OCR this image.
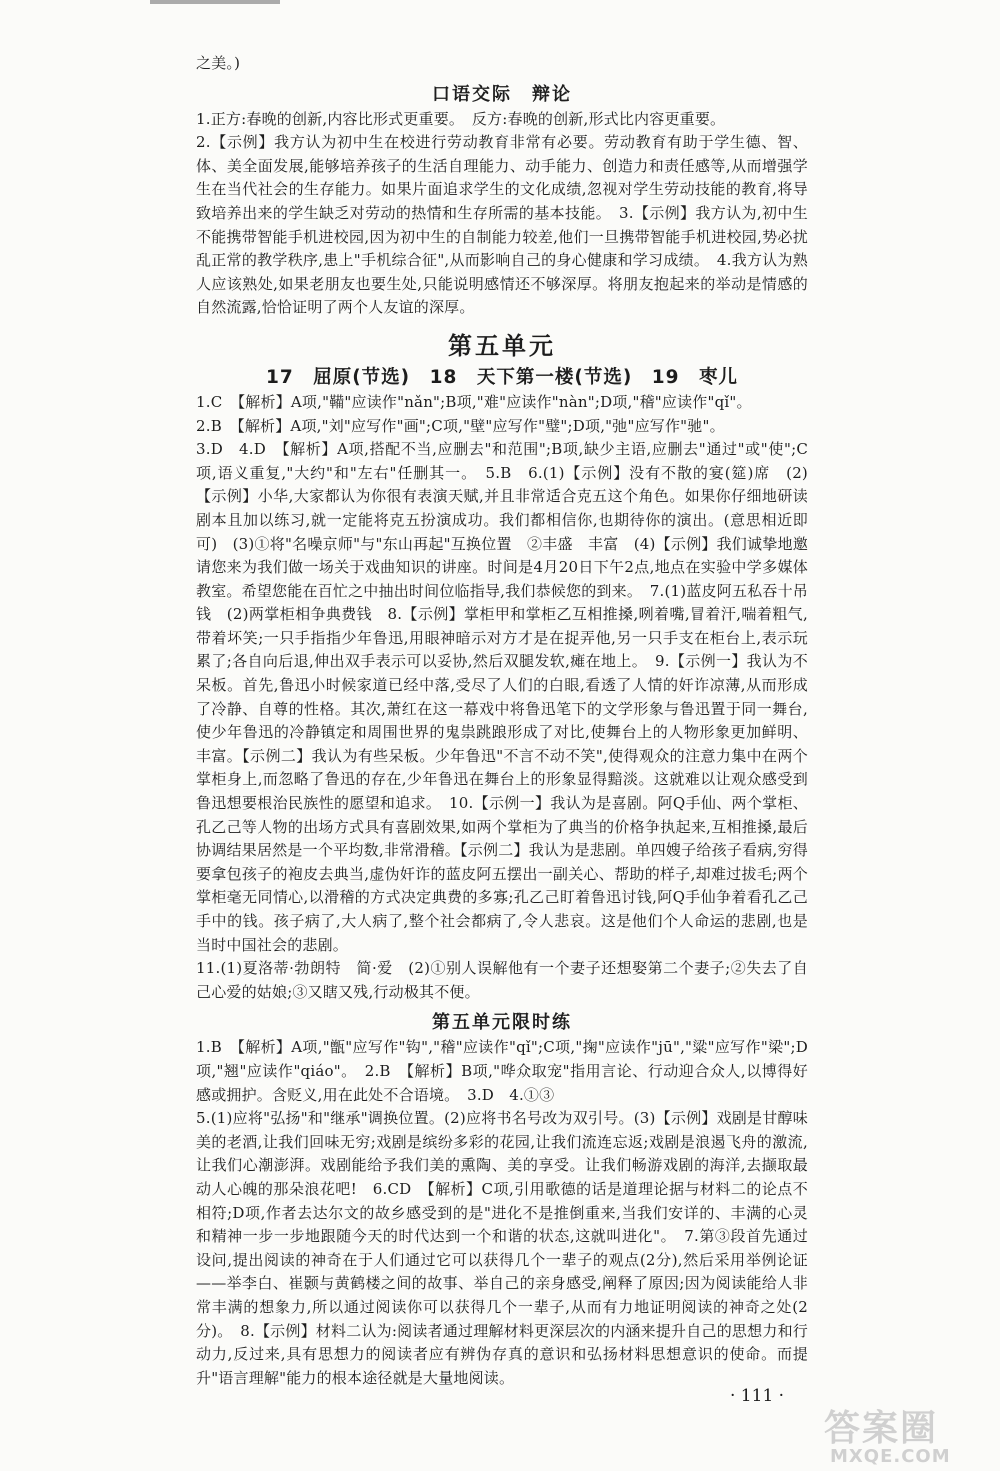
之美。)

口语交际　辩论

1.正方:春晚的创新,内容比形式更重要。　反方:春晚的创新,形式比内容更重要。

2.【示例】我方认为初中生在校进行劳动教育非常有必要。劳动教育有助于学生德、智、体、美全面发展,能够培养孩子的生活自理能力、动手能力、创造力和责任感等,从而增强学生在当代社会的生存能力。如果片面追求学生的文化成绩,忽视对学生劳动技能的教育,将导致培养出来的学生缺乏对劳动的热情和生存所需的基本技能。　3.【示例】我方认为,初中生不能携带智能手机进校园,因为初中生的自制能力较差,他们一旦携带智能手机进校园,势必扰乱正常的教学秩序,患上"手机综合征",从而影响自己的身心健康和学习成绩。　4.我方认为熟人应该熟处,如果老朋友也要生处,只能说明感情还不够深厚。将朋友抱起来的举动是情感的自然流露,恰恰证明了两个人友谊的深厚。

第五单元
17　屈原(节选)　18　天下第一楼(节选)　19　枣儿

1.C　【解析】A项,"鞴"应读作"nǎn";B项,"难"应读作"nàn";D项,"稽"应读作"qǐ"。

2.B　【解析】A项,"刘"应写作"画";C项,"壁"应写作"璧";D项,"弛"应写作"驰"。

3.D　4.D　【解析】A项,搭配不当,应删去"和范围";B项,缺少主语,应删去"通过"或"使";C项,语义重复,"大约"和"左右"任删其一。　5.B　6.(1)【示例】没有不散的宴(筵)席　(2)【示例】小华,大家都认为你很有表演天赋,并且非常适合克五这个角色。如果你仔细地研读剧本且加以练习,就一定能将克五扮演成功。我们都相信你,也期待你的演出。(意思相近即可)　(3)①将"名噪京师"与"东山再起"互换位置　②丰盛　丰富　(4)【示例】我们诚挚地邀请您来为我们做一场关于戏曲知识的讲座。时间是4月20日下午2点,地点在实验中学多媒体教室。希望您能在百忙之中抽出时间位临指导,我们恭候您的到来。　7.(1)蓝皮阿五私吞十吊钱　(2)两掌柜相争典费钱　8.【示例】掌柜甲和掌柜乙互相推搡,咧着嘴,冒着汗,喘着粗气,带着坏笑;一只手指指少年鲁迅,用眼神暗示对方才是在捉弄他,另一只手支在柜台上,表示玩累了;各自向后退,伸出双手表示可以妥协,然后双腿发软,瘫在地上。　9.【示例一】我认为不呆板。首先,鲁迅小时候家道已经中落,受尽了人们的白眼,看透了人情的奸诈凉薄,从而形成了冷静、自尊的性格。其次,萧红在这一幕戏中将鲁迅笔下的文学形象与鲁迅置于同一舞台,使少年鲁迅的冷静镇定和周围世界的鬼祟跳踉形成了对比,使舞台上的人物形象更加鲜明、丰富。【示例二】我认为有些呆板。少年鲁迅"不言不动不笑",使得观众的注意力集中在两个掌柜身上,而忽略了鲁迅的存在,少年鲁迅在舞台上的形象显得黯淡。这就难以让观众感受到鲁迅想要根治民族性的愿望和追求。　10.【示例一】我认为是喜剧。阿Q手仙、两个掌柜、孔乙己等人物的出场方式具有喜剧效果,如两个掌柜为了典当的价格争执起来,互相推搡,最后协调结果居然是一个平均数,非常滑稽。【示例二】我认为是悲剧。单四嫂子给孩子看病,穷得要拿包孩子的袍皮去典当,虚伪奸诈的蓝皮阿五摆出一副关心、帮助的样子,却难过拔毛;两个掌柜毫无同情心,以滑稽的方式决定典费的多寡;孔乙己盯着鲁迅讨钱,阿Q手仙争着看孔乙己手中的钱。孩子病了,大人病了,整个社会都病了,令人悲哀。这是他们个人命运的悲剧,也是当时中国社会的悲剧。

11.(1)夏洛蒂·勃朗特　简·爱　(2)①别人误解他有一个妻子还想娶第二个妻子;②失去了自己心爱的姑娘;③又瞎又残,行动极其不便。

第五单元限时练

1.B　【解析】A项,"甑"应写作"钩","稽"应读作"qǐ";C项,"掬"应读作"jū","粱"应写作"梁";D项,"翘"应读作"qiáo"。　2.B　【解析】B项,"哗众取宠"指用言论、行动迎合众人,以博得好感或拥护。含贬义,用在此处不合语境。　3.D　4.①③

5.(1)应将"弘扬"和"继承"调换位置。(2)应将书名号改为双引号。(3)【示例】戏剧是甘醇味美的老酒,让我们回味无穷;戏剧是缤纷多彩的花园,让我们流连忘返;戏剧是浪遏飞舟的激流,让我们心潮澎湃。戏剧能给予我们美的熏陶、美的享受。让我们畅游戏剧的海洋,去撷取最动人心魄的那朵浪花吧!　6.CD　【解析】C项,引用歌德的话是道理论据与材料二的论点不相符;D项,作者去达尔文的故乡感受到的是"进化不是推倒重来,当我们安详的、丰满的心灵和精神一步一步地跟随今天的时代达到一个和谐的状态,这就叫进化"。　7.第③段首先通过设问,提出阅读的神奇在于人们通过它可以获得几个一辈子的观点(2分),然后采用举例论证——举李白、崔颢与黄鹤楼之间的故事、举自己的亲身感受,阐释了原因;因为阅读能给人非常丰满的想象力,所以通过阅读你可以获得几个一辈子,从而有力地证明阅读的神奇之处(2分)。　8.【示例】材料二认为:阅读者通过理解材料更深层次的内涵来提升自己的思想力和行动力,反过来,具有思想力的阅读者应有辨伪存真的意识和弘扬材料思想意识的使命。而提升"语言理解"能力的根本途径就是大量地阅读。

· 111 ·
答案圈
MXQE.COM
